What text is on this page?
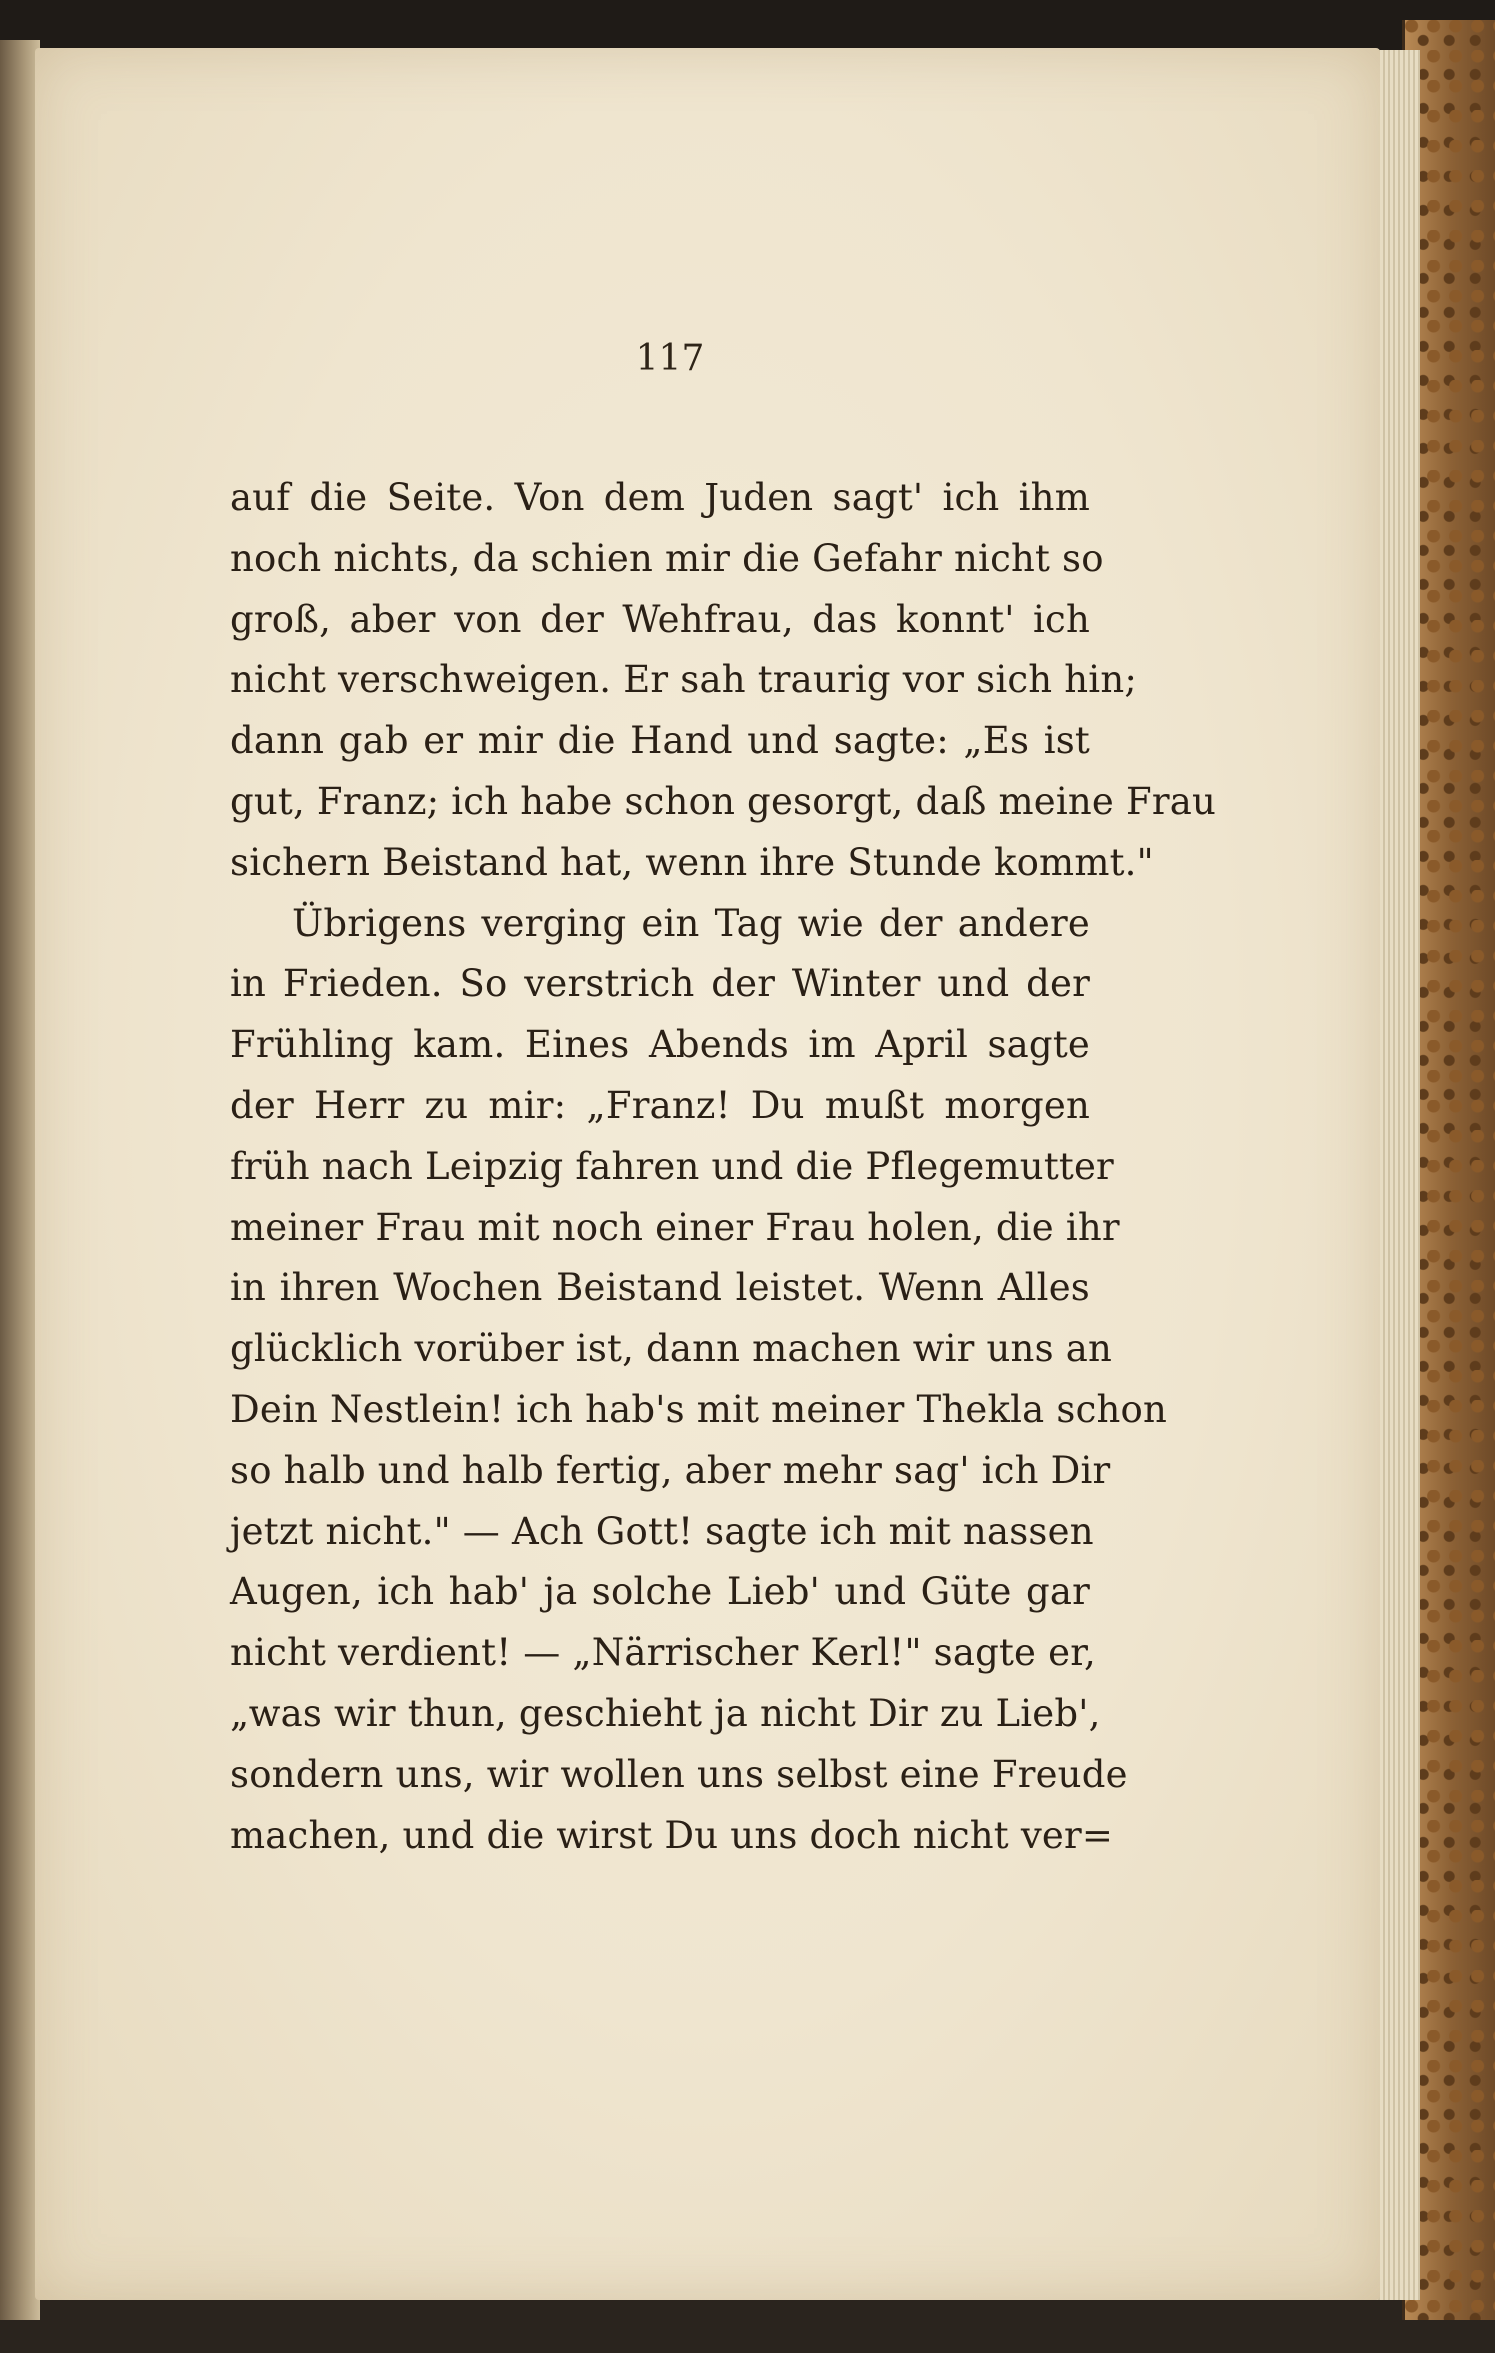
117
auf die Seite. Von dem Juden sagt' ich ihm
noch nichts, da schien mir die Gefahr nicht so
groß, aber von der Wehfrau, das konnt' ich
nicht verschweigen. Er sah traurig vor sich hin;
dann gab er mir die Hand und sagte: „Es ist
gut, Franz; ich habe schon gesorgt, daß meine Frau
sichern Beistand hat, wenn ihre Stunde kommt."
Übrigens verging ein Tag wie der andere
in Frieden. So verstrich der Winter und der
Frühling kam. Eines Abends im April sagte
der Herr zu mir: „Franz! Du mußt morgen
früh nach Leipzig fahren und die Pflegemutter
meiner Frau mit noch einer Frau holen, die ihr
in ihren Wochen Beistand leistet. Wenn Alles
glücklich vorüber ist, dann machen wir uns an
Dein Nestlein! ich hab's mit meiner Thekla schon
so halb und halb fertig, aber mehr sag' ich Dir
jetzt nicht." — Ach Gott! sagte ich mit nassen
Augen, ich hab' ja solche Lieb' und Güte gar
nicht verdient! — „Närrischer Kerl!" sagte er,
„was wir thun, geschieht ja nicht Dir zu Lieb',
sondern uns, wir wollen uns selbst eine Freude
machen, und die wirst Du uns doch nicht ver=
